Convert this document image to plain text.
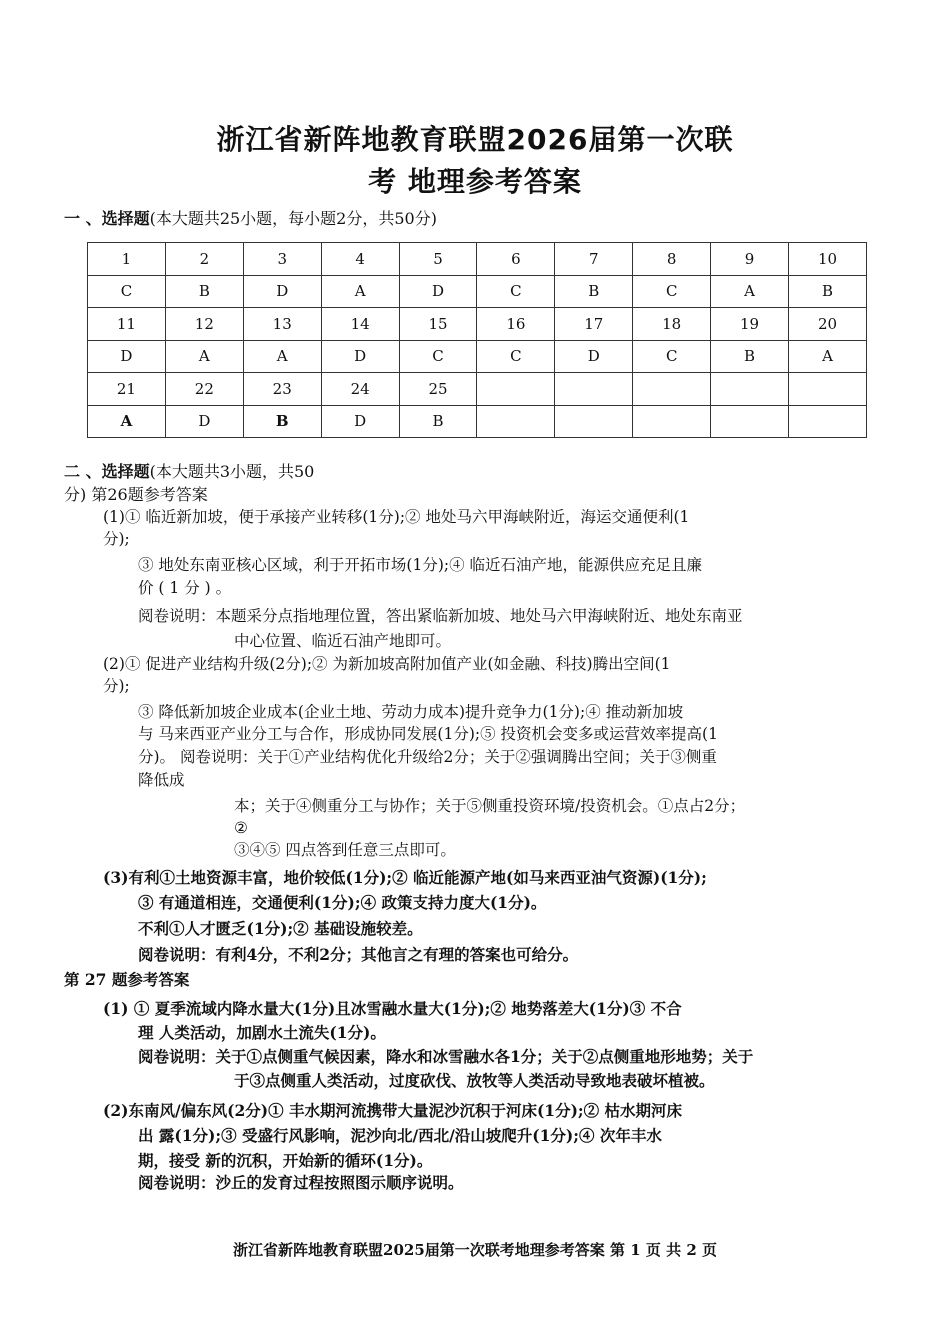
浙江省新阵地教育联盟2026届第一次联
考 地理参考答案
一 、选择题(本大题共25小题，每小题2分，共50分)
1	2	3	4	5	6	7	8	9	10
C	B	D	A	D	C	B	C	A	B
11	12	13	14	15	16	17	18	19	20
D	A	A	D	C	C	D	C	B	A
21	22	23	24	25					
A	D	B	D	B					
二 、选择题(本大题共3小题，共50
分) 第26题参考答案
(1)① 临近新加坡，便于承接产业转移(1分);② 地处马六甲海峡附近，海运交通便利(1
分);
③ 地处东南亚核心区域，利于开拓市场(1分);④ 临近石油产地，能源供应充足且廉
价 ( 1 分 ) 。
阅卷说明：本题采分点指地理位置，答出紧临新加坡、地处马六甲海峡附近、地处东南亚
中心位置、临近石油产地即可。
(2)① 促进产业结构升级(2分);② 为新加坡高附加值产业(如金融、科技)腾出空间(1
分);
③ 降低新加坡企业成本(企业土地、劳动力成本)提升竞争力(1分);④ 推动新加坡
与 马来西亚产业分工与合作，形成协同发展(1分);⑤ 投资机会变多或运营效率提高(1
分)。 阅卷说明：关于①产业结构优化升级给2分；关于②强调腾出空间；关于③侧重
降低成
本；关于④侧重分工与协作；关于⑤侧重投资环境/投资机会。①点占2分；
②
③④⑤ 四点答到任意三点即可。
(3)有利①土地资源丰富，地价较低(1分);② 临近能源产地(如马来西亚油气资源)(1分);
③ 有通道相连，交通便利(1分);④ 政策支持力度大(1分)。
不利①人才匮乏(1分);② 基础设施较差。
阅卷说明：有利4分，不利2分；其他言之有理的答案也可给分。
第 27 题参考答案
(1) ① 夏季流域内降水量大(1分)且冰雪融水量大(1分);② 地势落差大(1分)③ 不合
理 人类活动，加剧水土流失(1分)。
阅卷说明：关于①点侧重气候因素，降水和冰雪融水各1分；关于②点侧重地形地势；关于
于③点侧重人类活动，过度砍伐、放牧等人类活动导致地表破坏植被。
(2)东南风/偏东风(2分)① 丰水期河流携带大量泥沙沉积于河床(1分);② 枯水期河床
出 露(1分);③ 受盛行风影响，泥沙向北/西北/沿山坡爬升(1分);④ 次年丰水
期，接受 新的沉积，开始新的循环(1分)。
阅卷说明：沙丘的发育过程按照图示顺序说明。
浙江省新阵地教育联盟2025届第一次联考地理参考答案 第 1 页 共 2 页
